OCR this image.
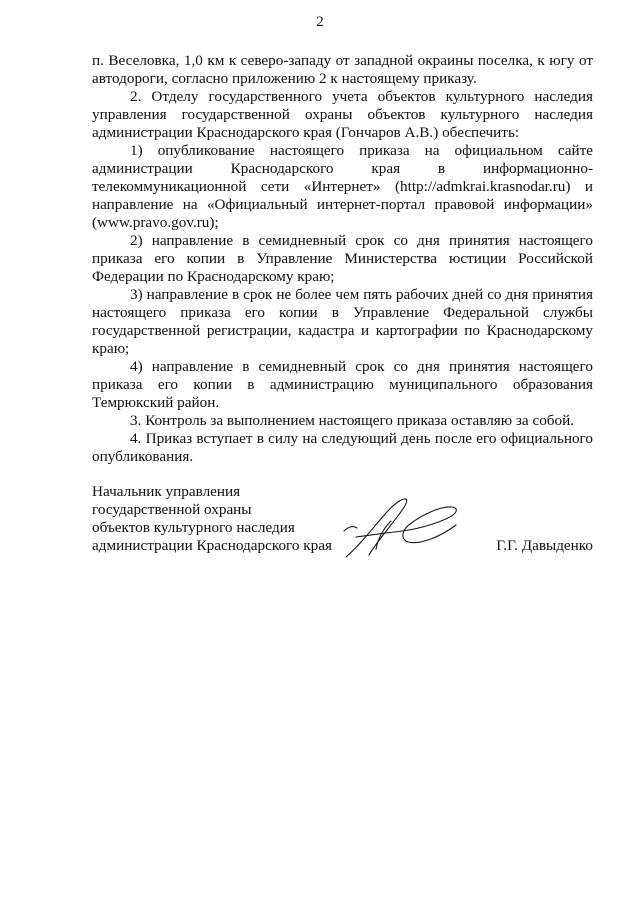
2

п. Веселовка, 1,0 км к северо-западу от западной окраины поселка, к югу от автодороги, согласно приложению 2 к настоящему приказу.

2. Отделу государственного учета объектов культурного наследия управления государственной охраны объектов культурного наследия администрации Краснодарского края (Гончаров А.В.) обеспечить:

1) опубликование настоящего приказа на официальном сайте администрации Краснодарского края в информационно-телекоммуникационной сети «Интернет» (http://admkrai.krasnodar.ru) и направление на «Официальный интернет-портал правовой информации» (www.pravo.gov.ru);

2) направление в семидневный срок со дня принятия настоящего приказа его копии в Управление Министерства юстиции Российской Федерации по Краснодарскому краю;

3) направление в срок не более чем пять рабочих дней со дня принятия настоящего приказа его копии в Управление Федеральной службы государственной регистрации, кадастра и картографии по Краснодарскому краю;

4) направление в семидневный срок со дня принятия настоящего приказа его копии в администрацию муниципального образования Темрюкский район.

3. Контроль за выполнением настоящего приказа оставляю за собой.

4. Приказ вступает в силу на следующий день после его официального опубликования.

Начальник управления
государственной охраны
объектов культурного наследия
администрации Краснодарского края	Г.Г. Давыденко
